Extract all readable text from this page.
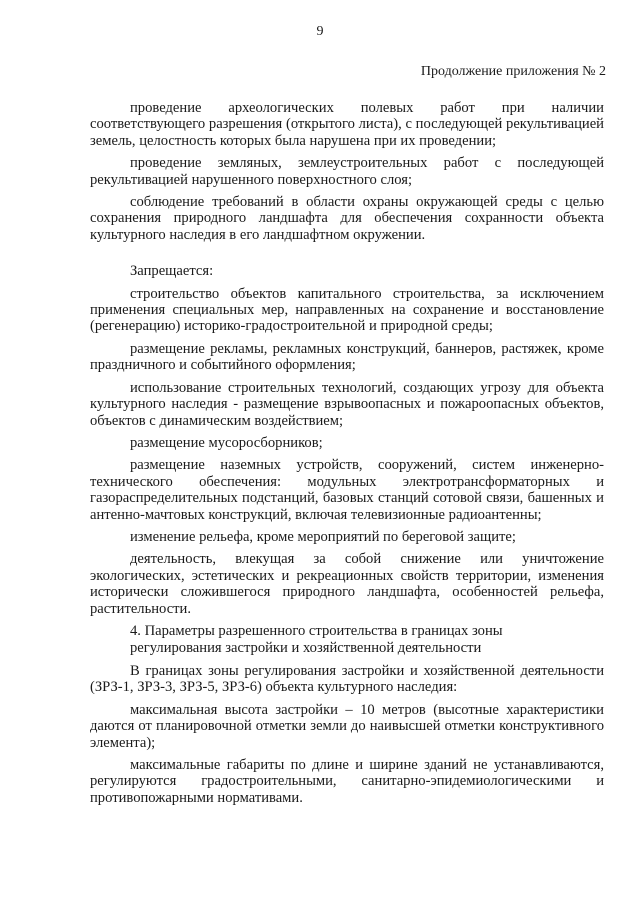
9
Продолжение приложения № 2

проведение археологических полевых работ при наличии соответствующего разрешения (открытого листа), с последующей рекультивацией земель, целостность которых была нарушена при их проведении;

проведение земляных, землеустроительных работ с последующей рекультивацией нарушенного поверхностного слоя;

соблюдение требований в области охраны окружающей среды с целью сохранения природного ландшафта для обеспечения сохранности объекта культурного наследия в его ландшафтном окружении.

Запрещается:

строительство объектов капитального строительства, за исключением применения специальных мер, направленных на сохранение и восстановление (регенерацию) историко-градостроительной и природной среды;

размещение рекламы, рекламных конструкций, баннеров, растяжек, кроме праздничного и событийного оформления;

использование строительных технологий, создающих угрозу для объекта культурного наследия - размещение взрывоопасных и пожароопасных объектов, объектов с динамическим воздействием;

размещение мусоросборников;

размещение наземных устройств, сооружений, систем инженерно-технического обеспечения: модульных электротрансформаторных и газораспределительных подстанций, базовых станций сотовой связи, башенных и антенно-мачтовых конструкций, включая телевизионные радиоантенны;

изменение рельефа, кроме мероприятий по береговой защите;

деятельность, влекущая за собой снижение или уничтожение экологических, эстетических и рекреационных свойств территории, изменения исторически сложившегося природного ландшафта, особенностей рельефа, растительности.

4. Параметры разрешенного строительства в границах зоны
регулирования застройки и хозяйственной деятельности

В границах зоны регулирования застройки и хозяйственной деятельности (ЗРЗ-1, ЗРЗ-3, ЗРЗ-5, ЗРЗ-6) объекта культурного наследия:

максимальная высота застройки – 10 метров (высотные характеристики даются от планировочной отметки земли до наивысшей отметки конструктивного элемента);

максимальные габариты по длине и ширине зданий не устанавливаются, регулируются градостроительными, санитарно-эпидемиологическими и противопожарными нормативами.
